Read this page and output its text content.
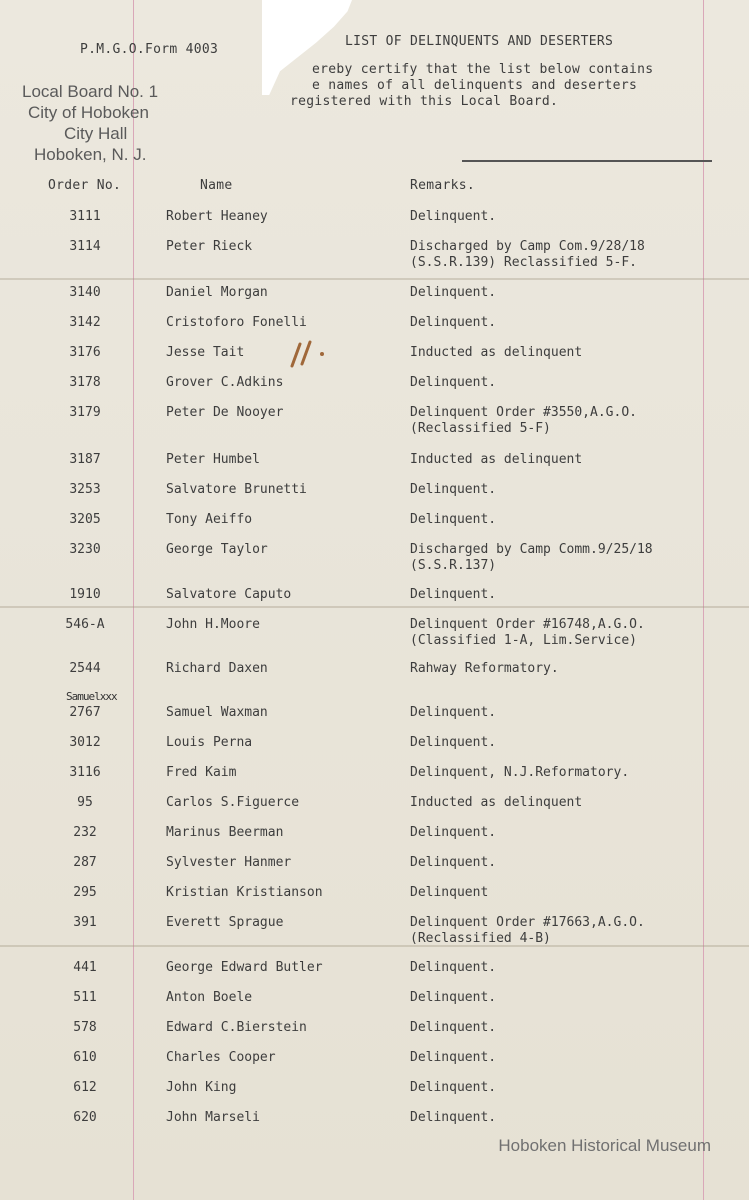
P.M.G.O.Form 4003
LIST OF DELINQUENTS AND DESERTERS
ereby certify that the list below contains
e names of all delinquents and deserters
registered with this Local Board.
Local Board No. 1
City of Hoboken
City Hall
Hoboken, N. J.
Order No.	Name	Remarks.
3111	Robert Heaney	Delinquent.
3114	Peter Rieck	Discharged by Camp Com.9/28/18
(S.S.R.139) Reclassified 5-F.
3140	Daniel Morgan	Delinquent.
3142	Cristoforo Fonelli	Delinquent.
3176	Jesse Tait	Inducted as delinquent
3178	Grover C.Adkins	Delinquent.
3179	Peter De Nooyer	Delinquent Order #3550,A.G.O.
(Reclassified 5-F)
3187	Peter Humbel	Inducted as delinquent
3253	Salvatore Brunetti	Delinquent.
3205	Tony Aeiffo	Delinquent.
3230	George Taylor	Discharged by Camp Comm.9/25/18
(S.S.R.137)
1910	Salvatore Caputo	Delinquent.
546-A	John H.Moore	Delinquent Order #16748,A.G.O.
(Classified 1-A, Lim.Service)
2544	Richard Daxen	Rahway Reformatory.
2767	Samuel Waxman	Delinquent.
3012	Louis Perna	Delinquent.
3116	Fred Kaim	Delinquent, N.J.Reformatory.
95	Carlos S.Figuerce	Inducted as delinquent
232	Marinus Beerman	Delinquent.
287	Sylvester Hanmer	Delinquent.
295	Kristian Kristianson	Delinquent
391	Everett Sprague	Delinquent Order #17663,A.G.O.
(Reclassified 4-B)
441	George Edward Butler	Delinquent.
511	Anton Boele	Delinquent.
578	Edward C.Bierstein	Delinquent.
610	Charles Cooper	Delinquent.
612	John King	Delinquent.
620	John Marseli	Delinquent.
Samuelxxx
Hoboken Historical Museum
